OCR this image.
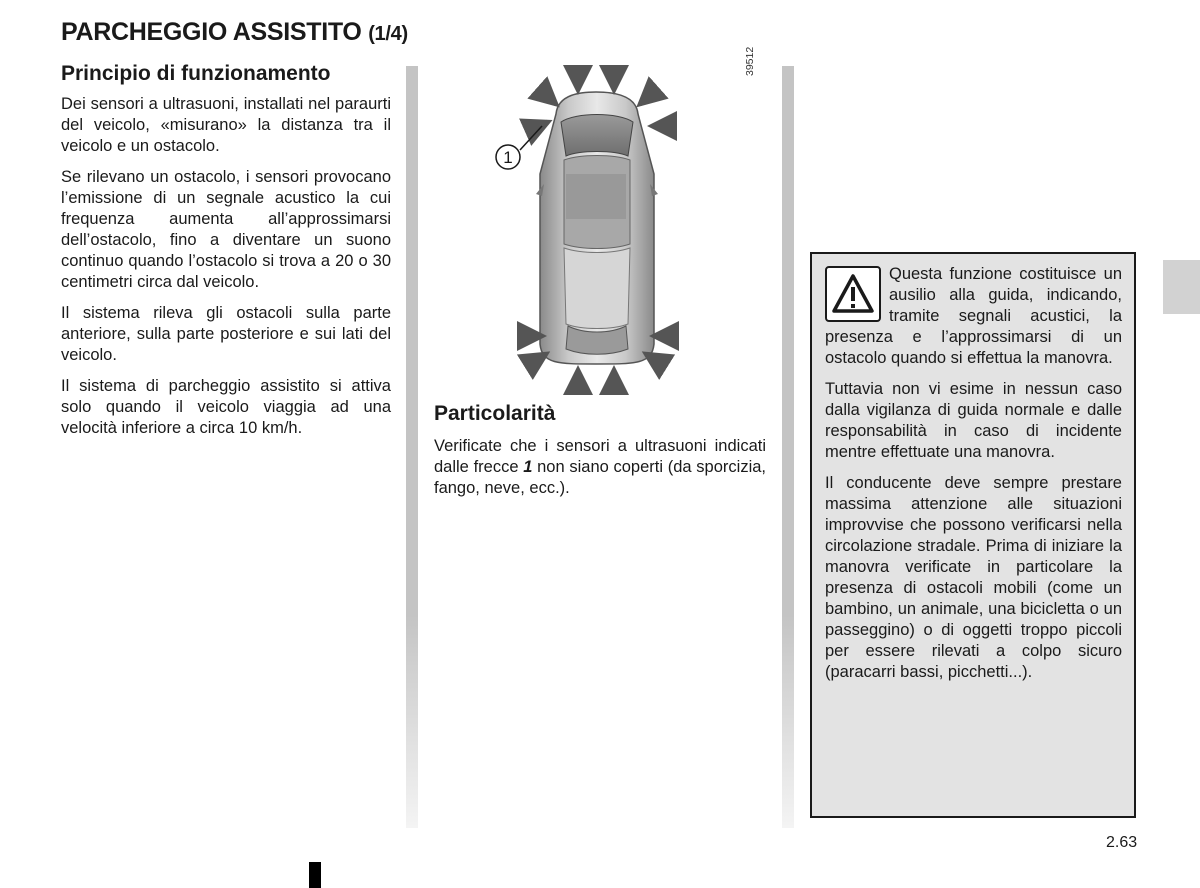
PARCHEGGIO ASSISTITO (1/4)
Principio di funzionamento

Dei sensori a ultrasuoni, installati nel paraurti del veicolo, «misurano» la distanza tra il veicolo e un ostacolo.

Se rilevano un ostacolo, i sensori provocano l’emissione di un segnale acustico la cui frequenza aumenta all’approssimarsi dell’ostacolo, fino a diventare un suono continuo quando l’ostacolo si trova a 20 o 30 centimetri circa dal veicolo.

Il sistema rileva gli ostacoli sulla parte anteriore, sulla parte posteriore e sui lati del veicolo.

Il sistema di parcheggio assistito si attiva solo quando il veicolo viaggia ad una velocità inferiore a circa 10 km/h.

1
39512
Particolarità

Verificate che i sensori a ultrasuoni indicati dalle frecce 1 non siano coperti (da sporcizia, fango, neve, ecc.).

Questa funzione costituisce un ausilio alla guida, indicando, tramite segnali acustici, la presenza e l’approssimarsi di un ostacolo quando si effettua la manovra.

Tuttavia non vi esime in nessun caso dalla vigilanza di guida normale e dalle responsabilità in caso di incidente mentre effettuate una manovra.

Il conducente deve sempre prestare massima attenzione alle situazioni improvvise che possono verificarsi nella circolazione stradale. Prima di iniziare la manovra verificate in particolare la presenza di ostacoli mobili (come un bambino, un animale, una bicicletta o un passeggino) o di oggetti troppo piccoli per essere rilevati a colpo sicuro (paracarri bassi, picchetti...).

2.63
